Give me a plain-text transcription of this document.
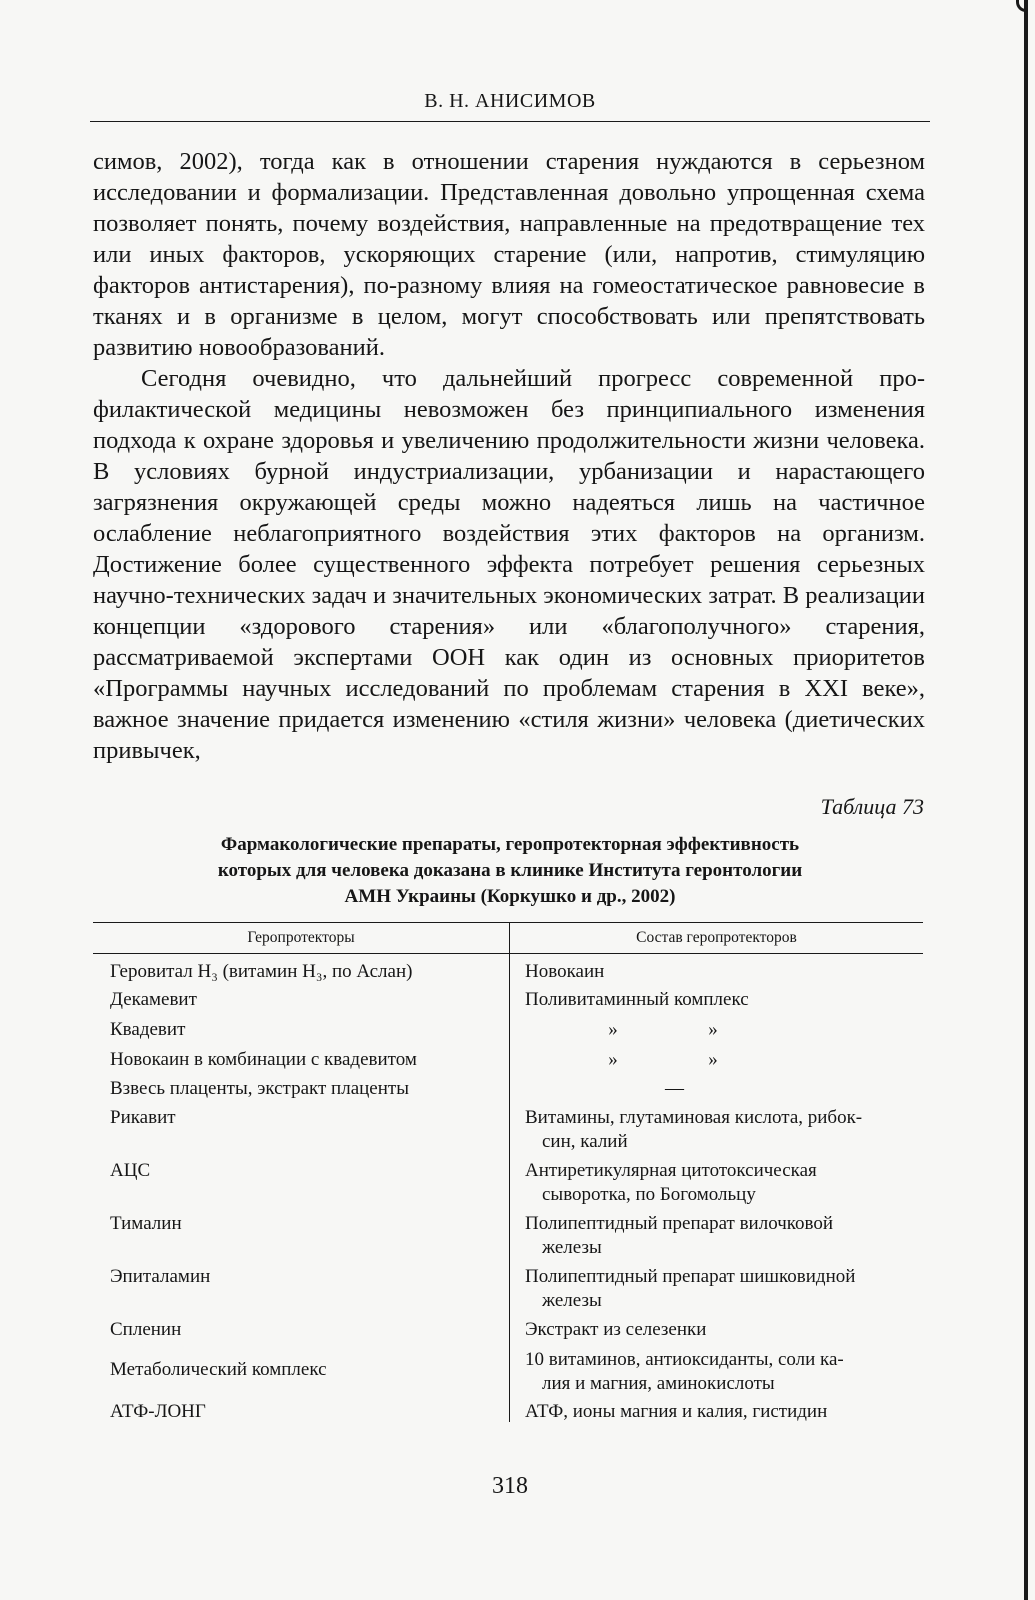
В. Н. АНИСИМОВ

симов, 2002), тогда как в отношении старения нуждаются в серьезном исследовании и формализации. Представленная довольно упрощенная схема позволяет понять, почему воздействия, направленные на предотвращение тех или иных факторов, ускоряющих старение (или, напротив, стимуляцию факторов антистарения), по-разному влияя на гомеостатическое равновесие в тканях и в организме в целом, могут способствовать или препятствовать развитию новообразований.

Сегодня очевидно, что дальнейший прогресс современной профилактической медицины невозможен без принципиального изменения подхода к охране здоровья и увеличению продолжительности жизни человека. В условиях бурной индустриализации, урбанизации и нарастающего загрязнения окружающей среды можно надеяться лишь на частичное ослабление неблагоприятного воздействия этих факторов на организм. Достижение более существенного эффекта потребует решения серьезных научно-технических задач и значительных экономических затрат. В реализации концепции «здорового старения» или «благополучного» старения, рассматриваемой экспертами ООН как один из основных приоритетов «Программы научных исследований по проблемам старения в XXI веке», важное значение придается изменению «стиля жизни» человека (диетических привычек,

Таблица 73
Фармакологические препараты, геропротекторная эффективность
которых для человека доказана в клинике Института геронтологии
АМН Украины (Коркушко и др., 2002)
Геропротекторы	Состав геропротекторов
Геровитал Н₃ (витамин Н₃, по Аслан)	Новокаин
Декамевит	Поливитаминный комплекс
Квадевит	»	»
Новокаин в комбинации с квадевитом	»	»
Взвесь плаценты, экстракт плаценты	—
Рикавит	Витамины, глутаминовая кислота, рибок-
син, калий
АЦС	Антиретикулярная цитотоксическая
сыворотка, по Богомольцу
Тималин	Полипептидный препарат вилочковой
железы
Эпиталамин	Полипептидный препарат шишковидной
железы
Спленин	Экстракт из селезенки
Метаболический комплекс	10 витаминов, антиоксиданты, соли ка-
лия и магния, аминокислоты
АТФ-ЛОНГ	АТФ, ионы магния и калия, гистидин
318
